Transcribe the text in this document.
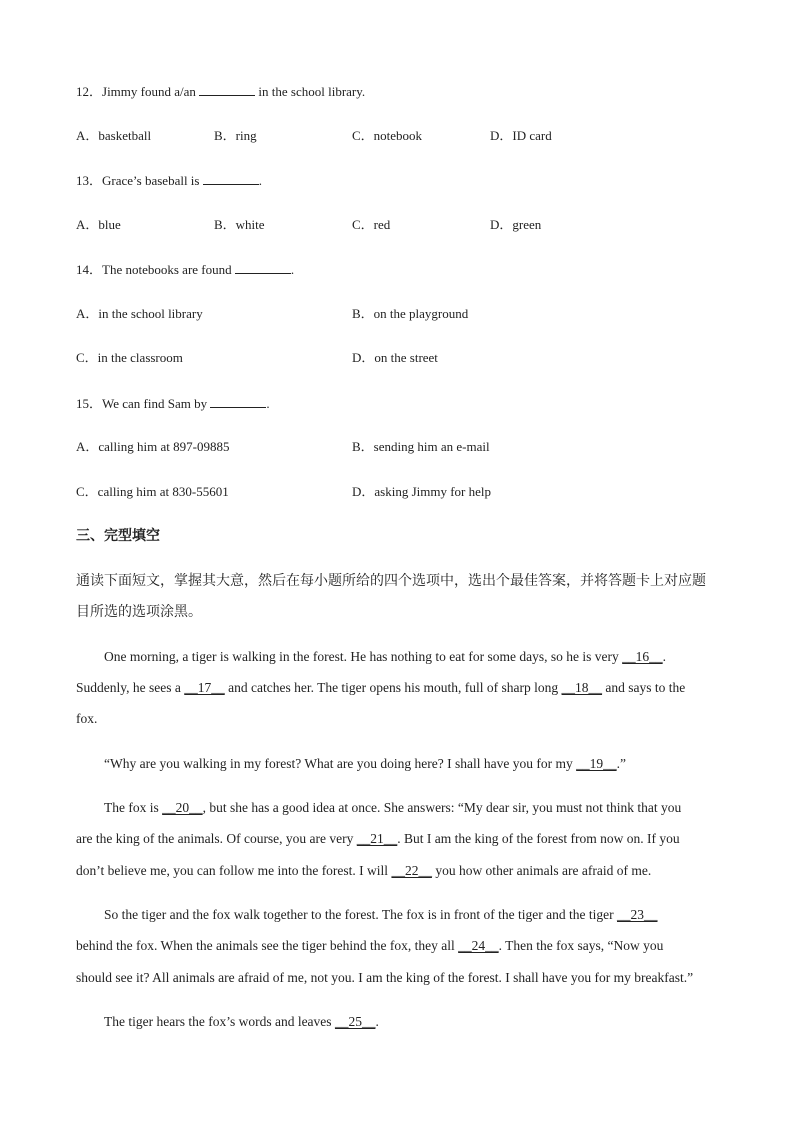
12．Jimmy found a/an	in the school library.
A．basketball	B．ring	C．notebook	D．ID card
13．Grace’s baseball is	.
A．blue	B．white	C．red	D．green
14．The notebooks are found	.
A．in the school library	B．on the playground
C．in the classroom	D．on the street
15．We can find Sam by	.
A．calling him at 897-09885	B．sending him an e-mail
C．calling him at 830-55601	D．asking Jimmy for help
三、完型填空
通读下面短文，掌握其大意，然后在每小题所给的四个选项中，选出个最佳答案，并将答题卡上对应题
目所选的选项涂黑。
One morning, a tiger is walking in the forest. He has nothing to eat for some days, so he is very __16__.
Suddenly, he sees a __17__ and catches her. The tiger opens his mouth, full of sharp long __18__ and says to the
fox.
“Why are you walking in my forest? What are you doing here? I shall have you for my __19__.”
The fox is __20__, but she has a good idea at once. She answers: “My dear sir, you must not think that you
are the king of the animals. Of course, you are very __21__. But I am the king of the forest from now on. If you
don’t believe me, you can follow me into the forest. I will __22__ you how other animals are afraid of me.
So the tiger and the fox walk together to the forest. The fox is in front of the tiger and the tiger __23__
behind the fox. When the animals see the tiger behind the fox, they all __24__. Then the fox says, “Now you
should see it? All animals are afraid of me, not you. I am the king of the forest. I shall have you for my breakfast.”
The tiger hears the fox’s words and leaves __25__.
